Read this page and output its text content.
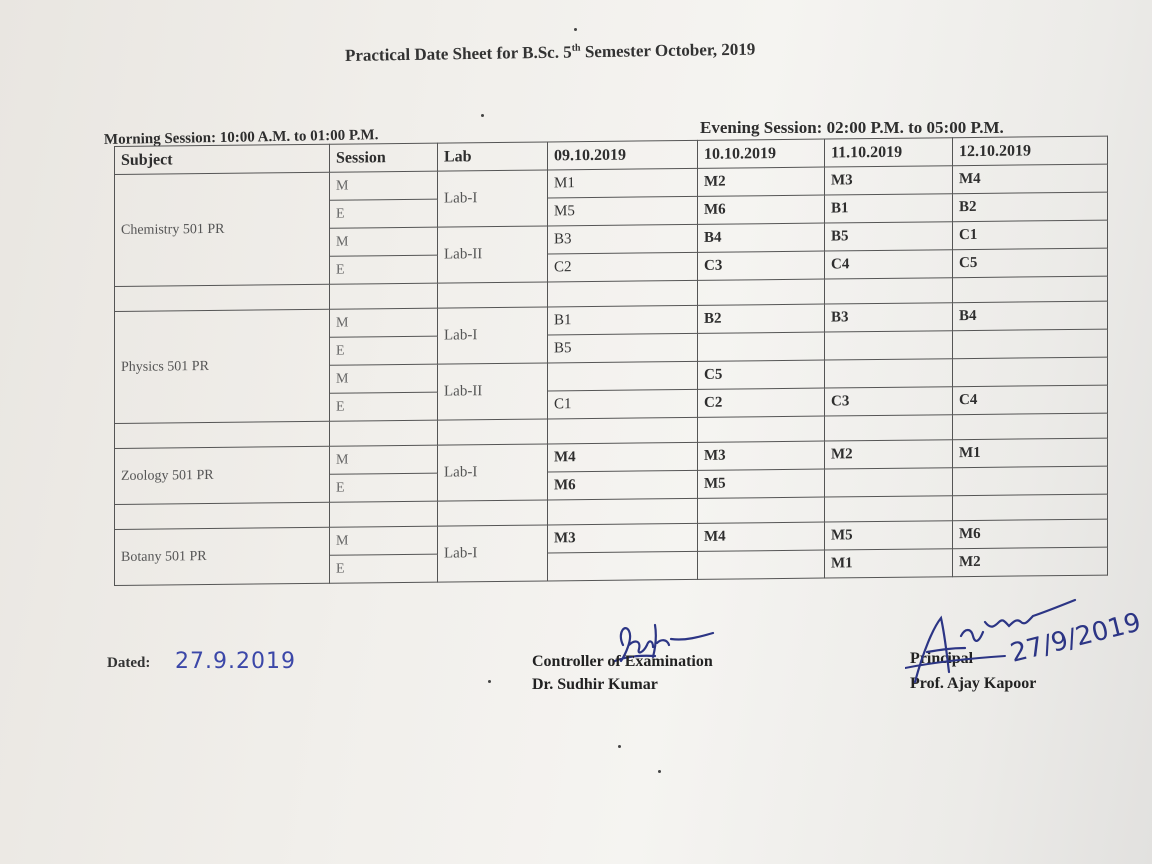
Practical Date Sheet for B.Sc. 5th Semester October, 2019
Morning Session: 10:00 A.M. to 01:00 P.M.	Evening Session: 02:00 P.M. to 05:00 P.M.
Subject	Session	Lab	09.10.2019	10.10.2019	11.10.2019	12.10.2019
Chemistry 501 PR	M	Lab-I	M1	M2	M3	M4
	E		M5	M6	B1	B2
	M	Lab-II	B3	B4	B5	C1
	E		C2	C3	C4	C5

Physics 501 PR	M	Lab-I	B1	B2	B3	B4
	E		B5			
	M	Lab-II		C5		
	E		C1	C2	C3	C4

Zoology 501 PR	M	Lab-I	M4	M3	M2	M1
	E		M6	M5		

Botany 501 PR	M	Lab-I	M3	M4	M5	M6
	E				M1	M2
Dated: 27.9.2019	Controller of Examination
Dr. Sudhir Kumar
Principal
Prof. Ajay Kapoor
27/9/2019
